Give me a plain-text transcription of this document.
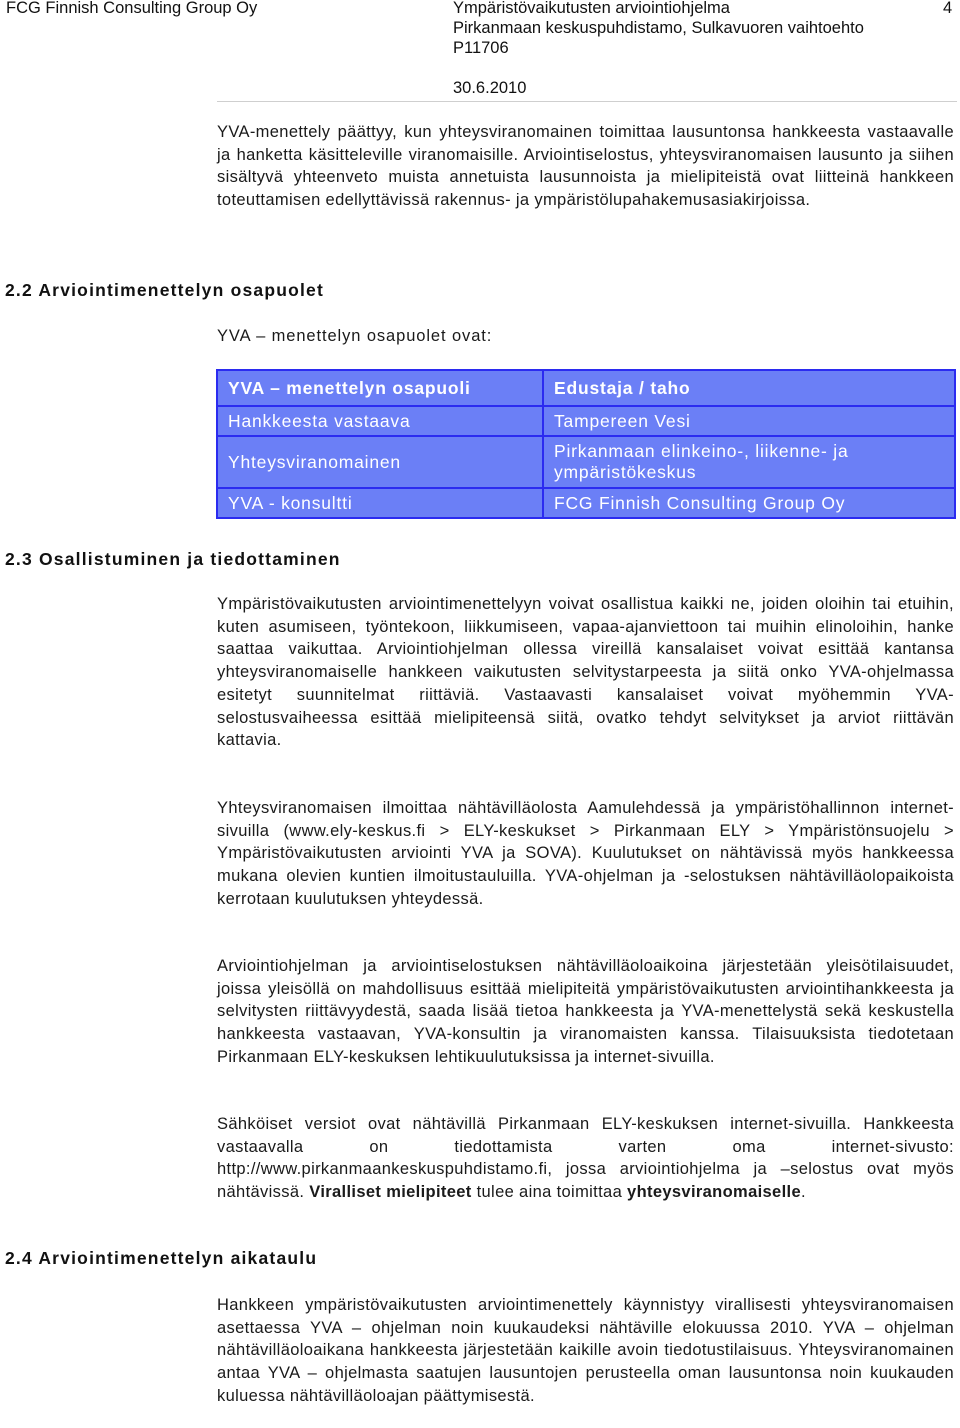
FCG Finnish Consulting Group Oy	Ympäristövaikutusten arviointiohjelma
Pirkanmaan keskuspuhdistamo, Sulkavuoren vaihtoehto
P11706
4
30.6.2010
YVA-menettely päättyy, kun yhteysviranomainen toimittaa lausuntonsa hankkeesta vastaavalle ja hanketta käsitteleville viranomaisille. Arviointiselostus, yhteysviranomaisen lausunto ja siihen sisältyvä yhteenveto muista annetuista lausunnoista ja mielipiteistä ovat liitteinä hankkeen toteuttamisen edellyttävissä rakennus- ja ympäristölupahakemusasiakirjoissa.
2.2 Arviointimenettelyn osapuolet
YVA – menettelyn osapuolet ovat:
YVA – menettelyn osapuoli	Edustaja / taho
Hankkeesta vastaava	Tampereen Vesi
Yhteysviranomainen	Pirkanmaan elinkeino-, liikenne- ja ympäristökeskus
YVA - konsultti	FCG Finnish Consulting Group Oy
2.3 Osallistuminen ja tiedottaminen
Ympäristövaikutusten arviointimenettelyyn voivat osallistua kaikki ne, joiden oloihin tai etuihin, kuten asumiseen, työntekoon, liikkumiseen, vapaa-ajanviettoon tai muihin elinoloihin, hanke saattaa vaikuttaa. Arviointiohjelman ollessa vireillä kansalaiset voivat esittää kantansa yhteysviranomaiselle hankkeen vaikutusten selvitystarpeesta ja siitä onko YVA-ohjelmassa esitetyt suunnitelmat riittäviä. Vastaavasti kansalaiset voivat myöhemmin YVA-selostusvaiheessa esittää mielipiteensä siitä, ovatko tehdyt selvitykset ja arviot riittävän kattavia.
Yhteysviranomaisen ilmoittaa nähtävilläolosta Aamulehdessä ja ympäristöhallinnon internet-sivuilla (www.ely-keskus.fi > ELY-keskukset > Pirkanmaan ELY > Ympäristönsuojelu > Ympäristövaikutusten arviointi YVA ja SOVA). Kuulutukset on nähtävissä myös hankkeessa mukana olevien kuntien ilmoitustauluilla. YVA-ohjelman ja -selostuksen nähtävilläolopaikoista kerrotaan kuulutuksen yhteydessä.
Arviointiohjelman ja arviointiselostuksen nähtävilläoloaikoina järjestetään yleisötilaisuudet, joissa yleisöllä on mahdollisuus esittää mielipiteitä ympäristövaikutusten arviointihankkeesta ja selvitysten riittävyydestä, saada lisää tietoa hankkeesta ja YVA-menettelystä sekä keskustella hankkeesta vastaavan, YVA-konsultin ja viranomaisten kanssa. Tilaisuuksista tiedotetaan Pirkanmaan ELY-keskuksen lehtikuulutuksissa ja internet-sivuilla.
Sähköiset versiot ovat nähtävillä Pirkanmaan ELY-keskuksen internet-sivuilla. Hankkeesta vastaavalla on tiedottamista varten oma internet-sivusto: http://www.pirkanmaankeskuspuhdistamo.fi, jossa arviointiohjelma ja –selostus ovat myös nähtävissä. Viralliset mielipiteet tulee aina toimittaa yhteysviranomaiselle.
2.4 Arviointimenettelyn aikataulu
Hankkeen ympäristövaikutusten arviointimenettely käynnistyy virallisesti yhteysviranomaisen asettaessa YVA – ohjelman noin kuukaudeksi nähtäville elokuussa 2010. YVA – ohjelman nähtävilläoloaikana hankkeesta järjestetään kaikille avoin tiedotustilaisuus. Yhteysviranomainen antaa YVA – ohjelmasta saatujen lausuntojen perusteella oman lausuntonsa noin kuukauden kuluessa nähtävilläoloajan päättymisestä.
